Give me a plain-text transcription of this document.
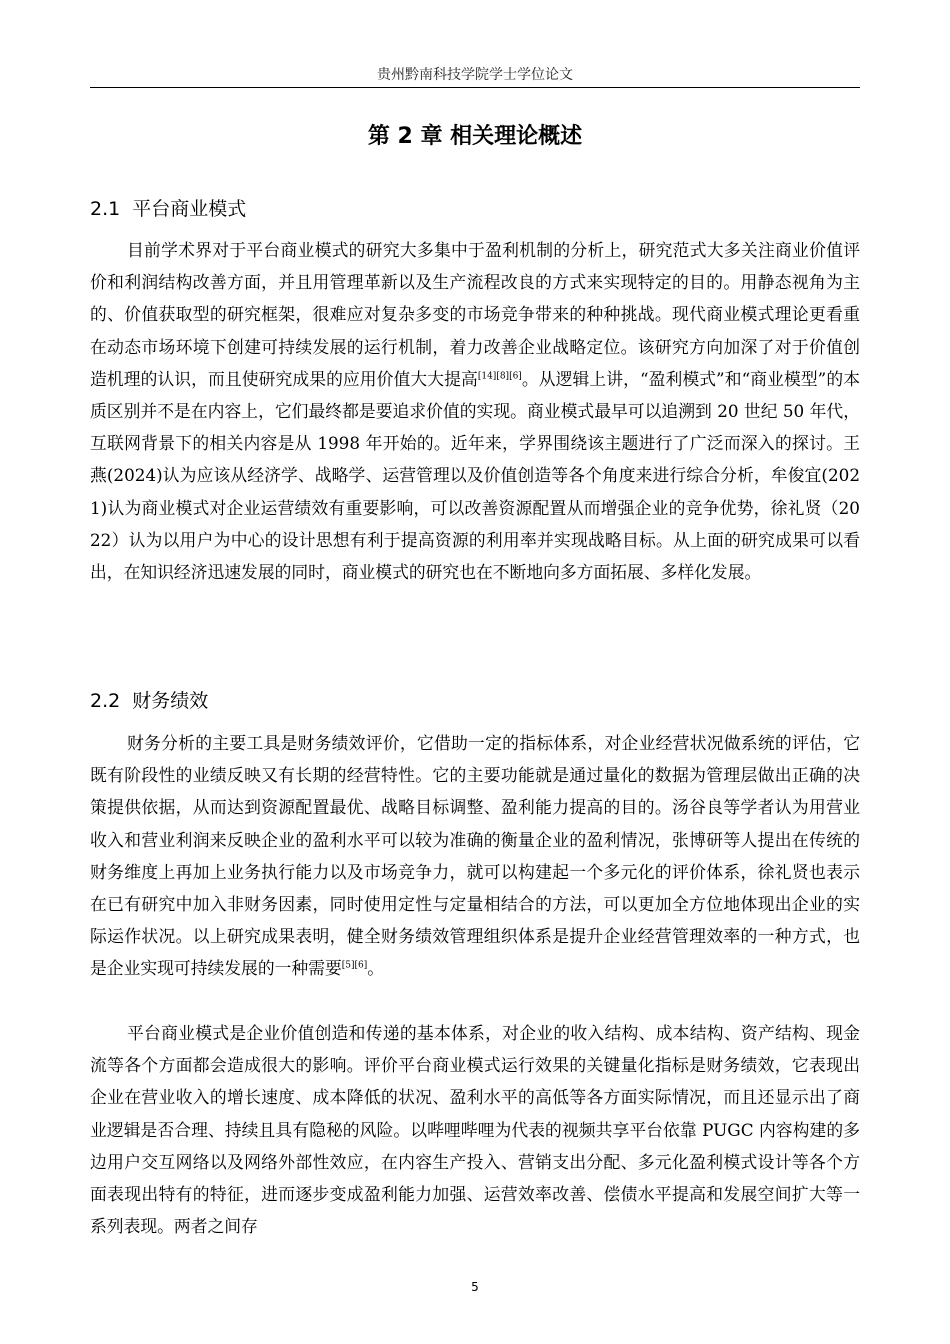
贵州黔南科技学院学士学位论文
第 2 章 相关理论概述
2.1 平台商业模式

目前学术界对于平台商业模式的研究大多集中于盈利机制的分析上，研究范式大多关注商业价值评价和利润结构改善方面，并且用管理革新以及生产流程改良的方式来实现特定的目的。用静态视角为主的、价值获取型的研究框架，很难应对复杂多变的市场竞争带来的种种挑战。现代商业模式理论更看重在动态市场环境下创建可持续发展的运行机制，着力改善企业战略定位。该研究方向加深了对于价值创造机理的认识，而且使研究成果的应用价值大大提高[14][8][6]。从逻辑上讲，“盈利模式”和“商业模型”的本质区别并不是在内容上，它们最终都是要追求价值的实现。商业模式最早可以追溯到 20 世纪 50 年代，互联网背景下的相关内容是从 1998 年开始的。近年来，学界围绕该主题进行了广泛而深入的探讨。王燕(2024)认为应该从经济学、战略学、运营管理以及价值创造等各个角度来进行综合分析，牟俊宜(2021)认为商业模式对企业运营绩效有重要影响，可以改善资源配置从而增强企业的竞争优势，徐礼贤（2022）认为以用户为中心的设计思想有利于提高资源的利用率并实现战略目标。从上面的研究成果可以看出，在知识经济迅速发展的同时，商业模式的研究也在不断地向多方面拓展、多样化发展。

2.2 财务绩效

财务分析的主要工具是财务绩效评价，它借助一定的指标体系，对企业经营状况做系统的评估，它既有阶段性的业绩反映又有长期的经营特性。它的主要功能就是通过量化的数据为管理层做出正确的决策提供依据，从而达到资源配置最优、战略目标调整、盈利能力提高的目的。汤谷良等学者认为用营业收入和营业利润来反映企业的盈利水平可以较为准确的衡量企业的盈利情况，张博研等人提出在传统的财务维度上再加上业务执行能力以及市场竞争力，就可以构建起一个多元化的评价体系，徐礼贤也表示在已有研究中加入非财务因素，同时使用定性与定量相结合的方法，可以更加全方位地体现出企业的实际运作状况。以上研究成果表明，健全财务绩效管理组织体系是提升企业经营管理效率的一种方式，也是企业实现可持续发展的一种需要[5][6]。

平台商业模式是企业价值创造和传递的基本体系，对企业的收入结构、成本结构、资产结构、现金流等各个方面都会造成很大的影响。评价平台商业模式运行效果的关键量化指标是财务绩效，它表现出企业在营业收入的增长速度、成本降低的状况、盈利水平的高低等各方面实际情况，而且还显示出了商业逻辑是否合理、持续且具有隐秘的风险。以哔哩哔哩为代表的视频共享平台依靠 PUGC 内容构建的多边用户交互网络以及网络外部性效应，在内容生产投入、营销支出分配、多元化盈利模式设计等各个方面表现出特有的特征，进而逐步变成盈利能力加强、运营效率改善、偿债水平提高和发展空间扩大等一系列表现。两者之间存

5
